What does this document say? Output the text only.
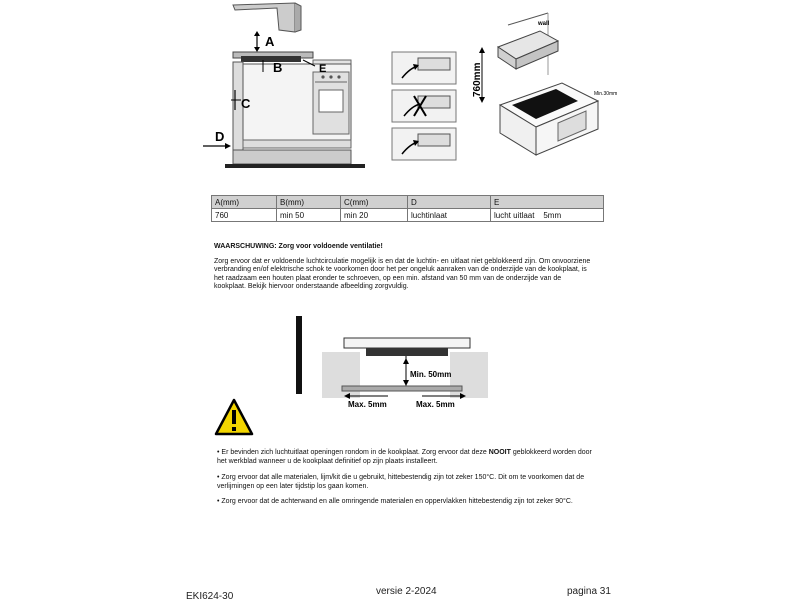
A
B
C
D
E	760mm
wall
Min.30mm
A(mm)	B(mm)	C(mm)	D	E
760	min 50	min 20	luchtinlaat	lucht uitlaat    5mm
WAARSCHUWING: Zorg voor voldoende ventilatie!
Zorg ervoor dat er voldoende luchtcirculatie mogelijk is en dat de luchtin- en uitlaat niet geblokkeerd zijn. Om onvoorziene verbranding en/of elektrische schok te voorkomen door het per ongeluk aanraken van de onderzijde van de kookplaat, is het raadzaam een houten plaat eronder te schroeven, op een min. afstand van 50 mm van de onderzijde van de kookplaat. Bekijk hiervoor onderstaande afbeelding zorgvuldig.
Min. 50mm
Max. 5mm	Max. 5mm
• Er bevinden zich luchtuitlaat openingen rondom in de kookplaat. Zorg ervoor dat deze NOOIT geblokkeerd worden door het werkblad wanneer u de kookplaat definitief op zijn plaats installeert.
• Zorg ervoor dat alle materialen, lijm/kit die u gebruikt, hittebestendig zijn tot zeker 150°C. Dit om te voorkomen dat de verlijmingen op een later tijdstip los gaan komen.
• Zorg ervoor dat de achterwand en alle omringende materialen en oppervlakken hittebestendig zijn tot zeker 90°C.
EKI624-30	versie 2-2024	pagina 31
